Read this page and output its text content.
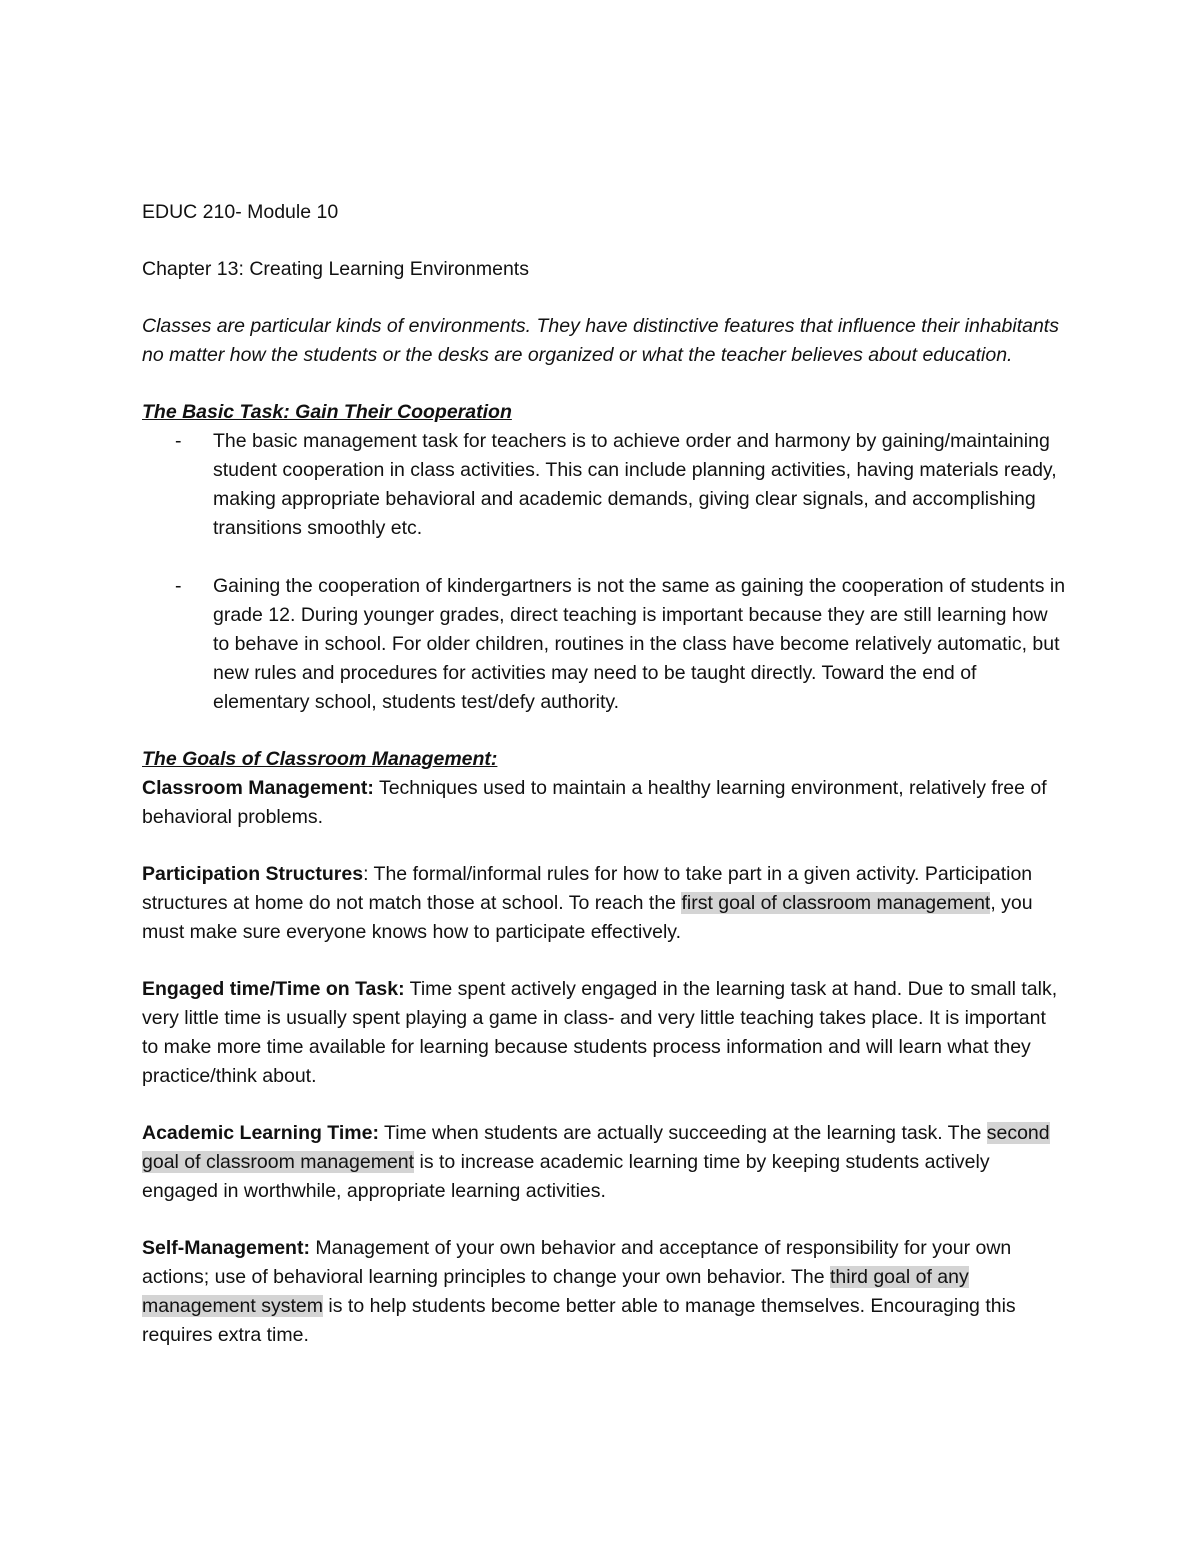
EDUC 210- Module 10

Chapter 13: Creating Learning Environments

Classes are particular kinds of environments. They have distinctive features that influence their inhabitants no matter how the students or the desks are organized or what the teacher believes about education.

The Basic Task: Gain Their Cooperation

- The basic management task for teachers is to achieve order and harmony by gaining/maintaining student cooperation in class activities. This can include planning activities, having materials ready, making appropriate behavioral and academic demands, giving clear signals, and accomplishing transitions smoothly etc.
- Gaining the cooperation of kindergartners is not the same as gaining the cooperation of students in grade 12. During younger grades, direct teaching is important because they are still learning how to behave in school. For older children, routines in the class have become relatively automatic, but new rules and procedures for activities may need to be taught directly. Toward the end of elementary school, students test/defy authority.

The Goals of Classroom Management:

Classroom Management: Techniques used to maintain a healthy learning environment, relatively free of behavioral problems.

Participation Structures: The formal/informal rules for how to take part in a given activity. Participation structures at home do not match those at school. To reach the first goal of classroom management, you must make sure everyone knows how to participate effectively.

Engaged time/Time on Task: Time spent actively engaged in the learning task at hand. Due to small talk, very little time is usually spent playing a game in class- and very little teaching takes place. It is important to make more time available for learning because students process information and will learn what they practice/think about.

Academic Learning Time: Time when students are actually succeeding at the learning task. The second goal of classroom management is to increase academic learning time by keeping students actively engaged in worthwhile, appropriate learning activities.

Self-Management: Management of your own behavior and acceptance of responsibility for your own actions; use of behavioral learning principles to change your own behavior. The third goal of any management system is to help students become better able to manage themselves. Encouraging this requires extra time.
